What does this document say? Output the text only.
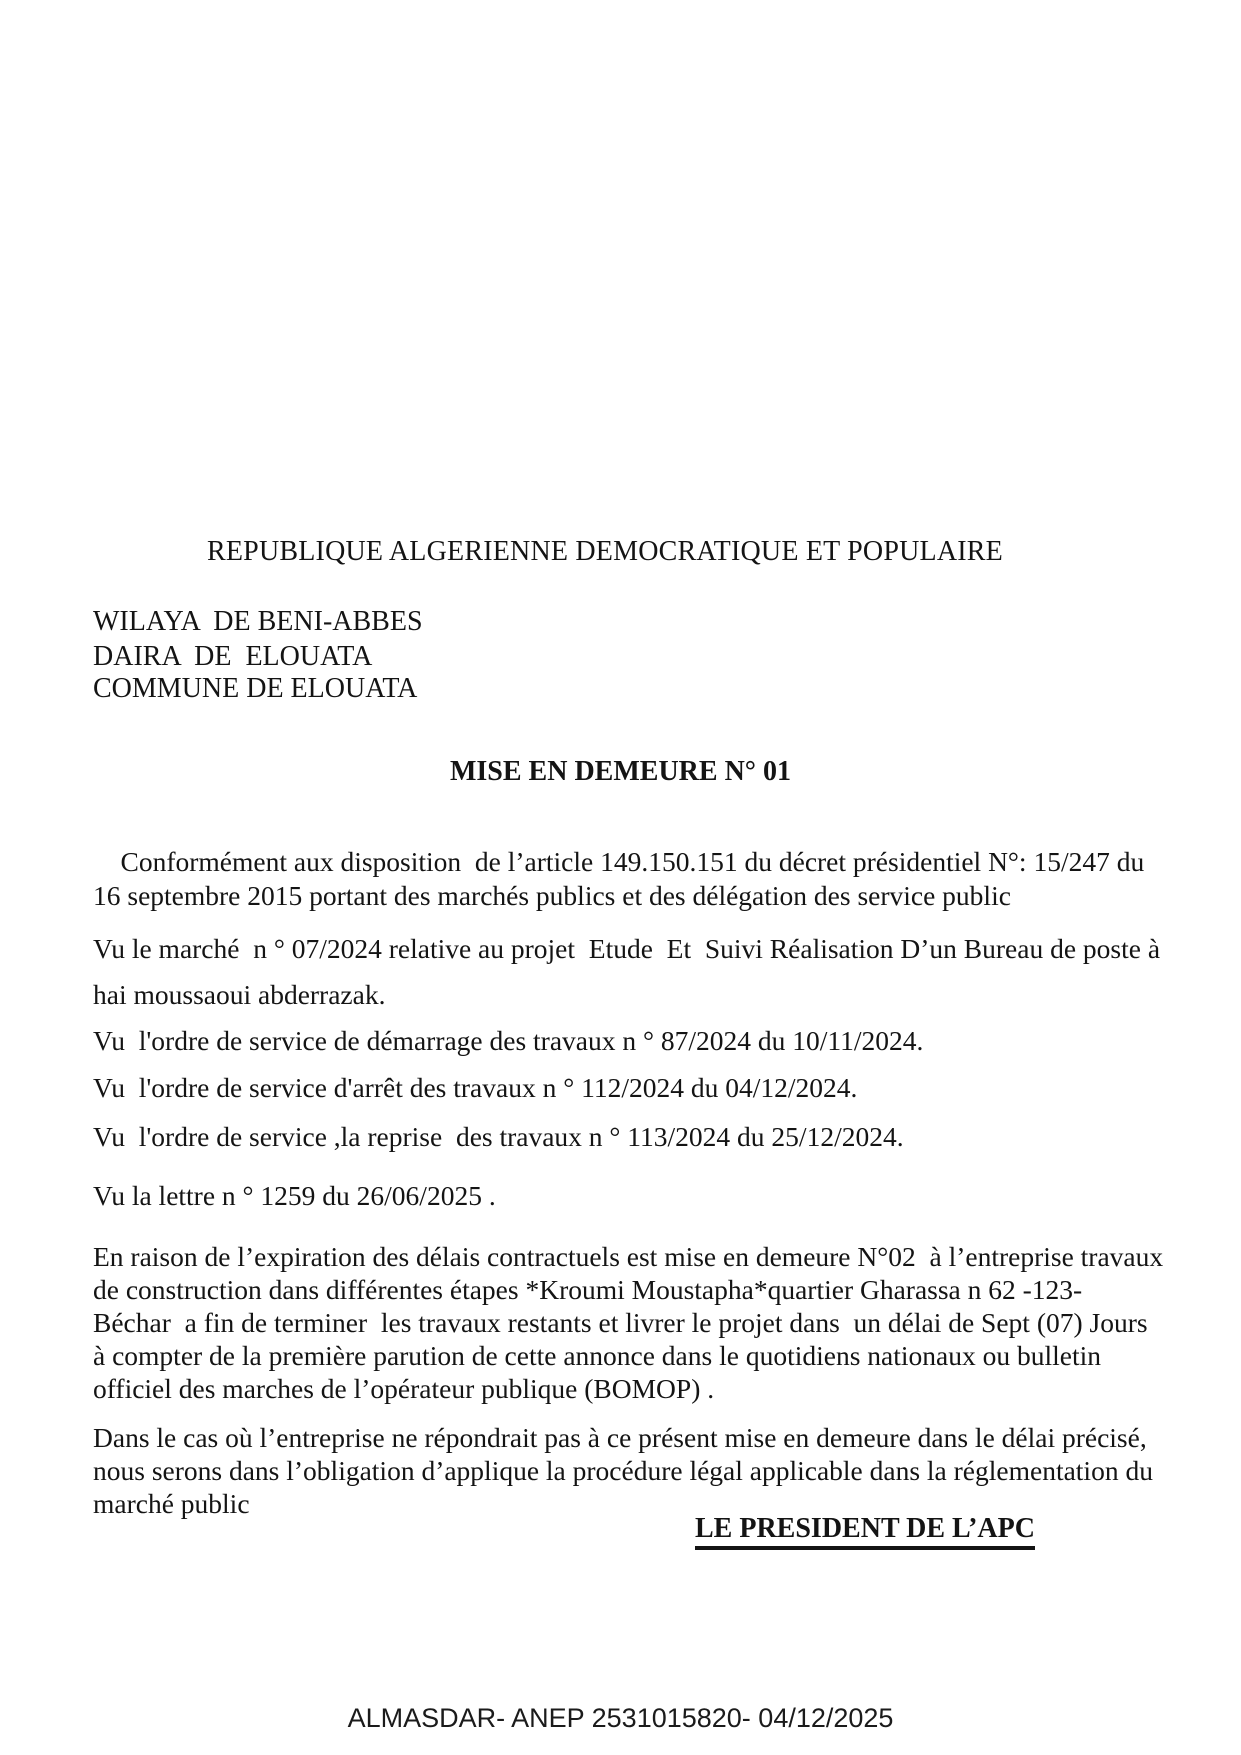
REPUBLIQUE ALGERIENNE DEMOCRATIQUE ET POPULAIRE
WILAYA  DE BENI-ABBES
DAIRA  DE  ELOUATA
COMMUNE DE ELOUATA
MISE EN DEMEURE N° 01

Conformément aux disposition  de l’article 149.150.151 du décret présidentiel N°: 15/247 du 16 septembre 2015 portant des marchés publics et des délégation des service public

Vu le marché  n ° 07/2024 relative au projet  Etude  Et  Suivi Réalisation D’un Bureau de poste à hai moussaoui abderrazak.

Vu  l'ordre de service de démarrage des travaux n ° 87/2024 du 10/11/2024.

Vu  l'ordre de service d'arrêt des travaux n ° 112/2024 du 04/12/2024.

Vu  l'ordre de service ,la reprise  des travaux n ° 113/2024 du 25/12/2024.

Vu la lettre n ° 1259 du 26/06/2025 .

En raison de l’expiration des délais contractuels est mise en demeure N°02  à l’entreprise travaux de construction dans différentes étapes *Kroumi Moustapha*quartier Gharassa n 62 -123- Béchar  a fin de terminer  les travaux restants et livrer le projet dans  un délai de Sept (07) Jours à compter de la première parution de cette annonce dans le quotidiens nationaux ou bulletin officiel des marches de l’opérateur publique (BOMOP) .

Dans le cas où l’entreprise ne répondrait pas à ce présent mise en demeure dans le délai précisé, nous serons dans l’obligation d’applique la procédure légal applicable dans la réglementation du marché public

LE PRESIDENT DE L’APC
ALMASDAR- ANEP 2531015820- 04/12/2025
